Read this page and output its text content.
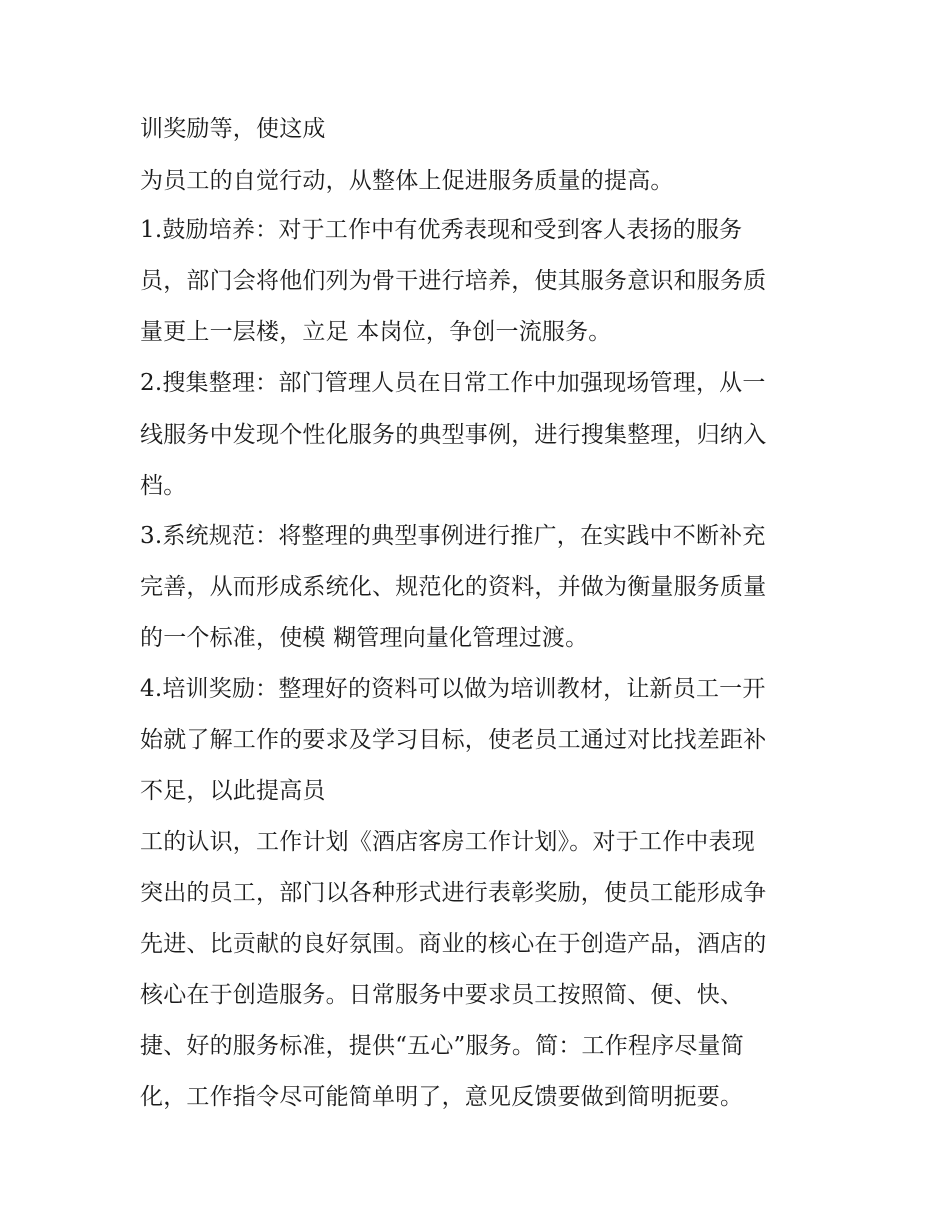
训奖励等，使这成
为员工的自觉行动，从整体上促进服务质量的提高。
1.鼓励培养：对于工作中有优秀表现和受到客人表扬的服务
员，部门会将他们列为骨干进行培养，使其服务意识和服务质
量更上一层楼，立足 本岗位，争创一流服务。
2.搜集整理：部门管理人员在日常工作中加强现场管理，从一
线服务中发现个性化服务的典型事例，进行搜集整理，归纳入
档。
3.系统规范：将整理的典型事例进行推广，在实践中不断补充
完善，从而形成系统化、规范化的资料，并做为衡量服务质量
的一个标准，使模 糊管理向量化管理过渡。
4.培训奖励：整理好的资料可以做为培训教材，让新员工一开
始就了解工作的要求及学习目标，使老员工通过对比找差距补
不足，以此提高员
工的认识，工作计划《酒店客房工作计划》。对于工作中表现
突出的员工，部门以各种形式进行表彰奖励，使员工能形成争
先进、比贡献的良好氛围。商业的核心在于创造产品，酒店的
核心在于创造服务。日常服务中要求员工按照简、便、快、
捷、好的服务标准，提供“五心”服务。简：工作程序尽量简
化，工作指令尽可能简单明了，意见反馈要做到简明扼要。
